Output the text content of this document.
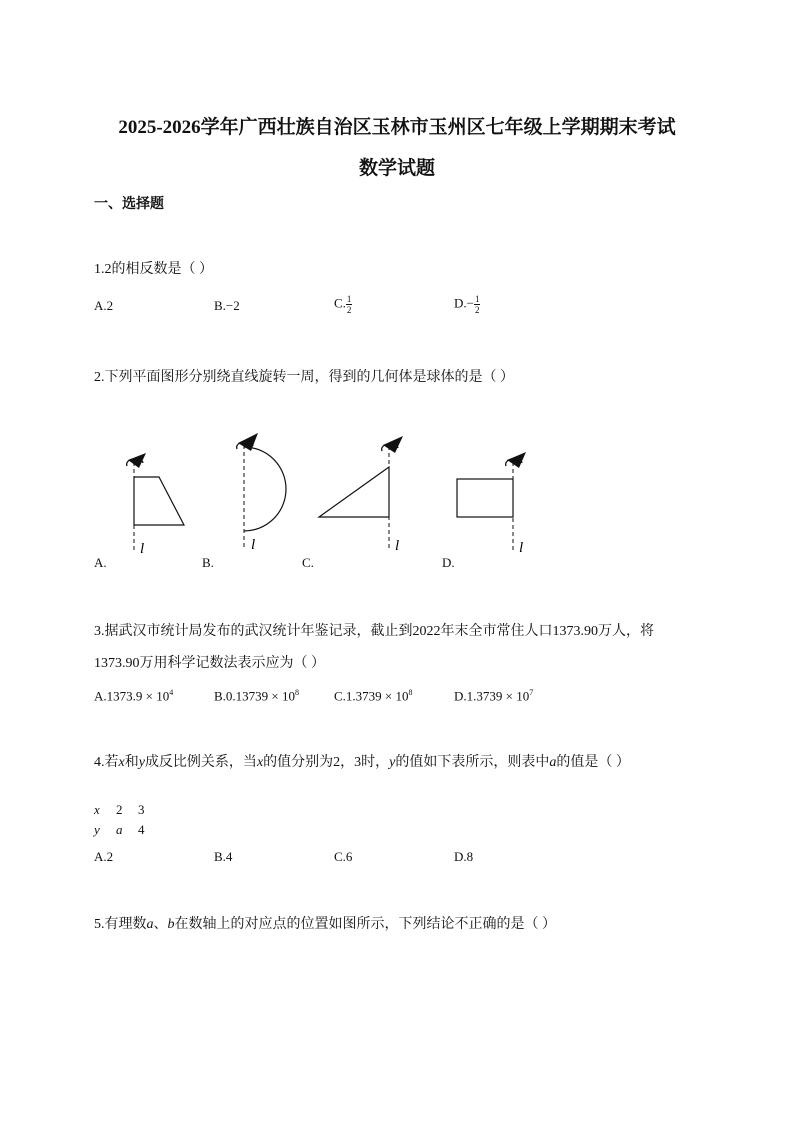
2025-2026学年广西壮族自治区玉林市玉州区七年级上学期期末考试
数学试题
一、选择题
1.2的相反数是（ ）
A.2	B.−2	C. $\frac{1}{2}$	$D.- \frac{1}{2}$
2.下列平面图形分别绕直线旋转一周，得到的几何体是球体的是（ ）
l	l	l	l
A.	B.	C.	D.
3.据武汉市统计局发布的武汉统计年鉴记录，截止到2022年末全市常住人口1373.90万人，将
1373.90万用科学记数法表示应为（ ）
$A.1373.9 \times 10^4$	$B.0.13739 \times 10^8$	$C.1.3739 \times 10^8$	$D.1.3739 \times 10^7$
4.若x和y成反比例关系，当x的值分别为2，3时，y的值如下表所示，则表中a的值是（ ）
x 2 3
y a 4
A.2	B.4	C.6	D.8
5.有理数a、b在数轴上的对应点的位置如图所示，下列结论不正确的是（ ）
